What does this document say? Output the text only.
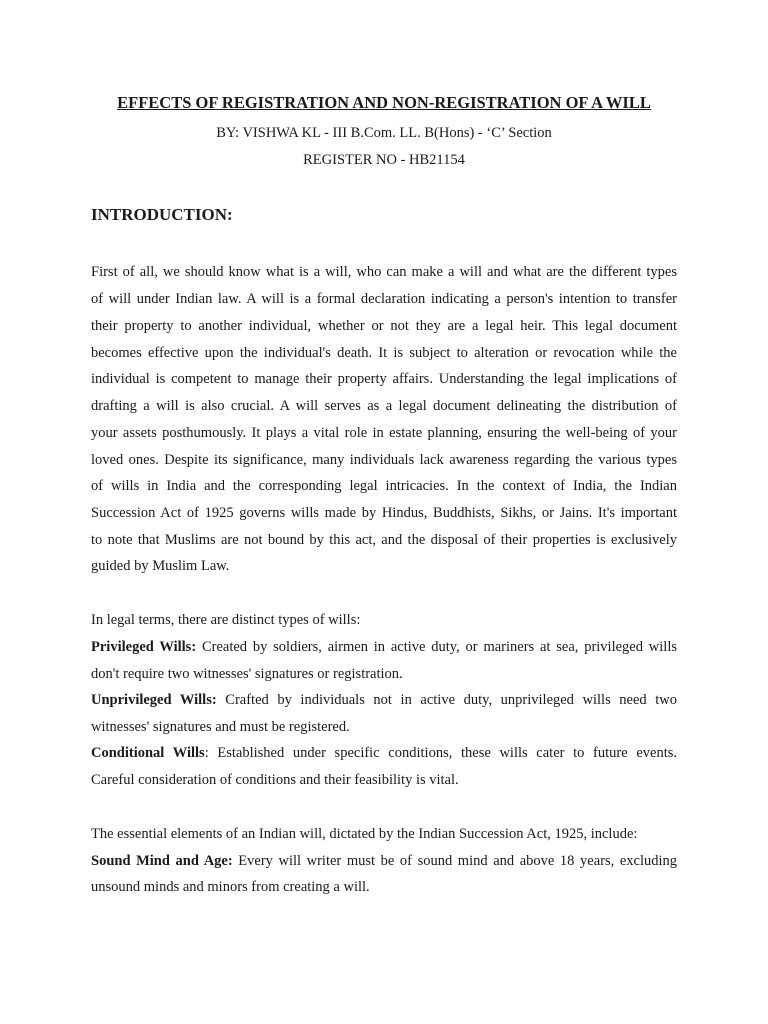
EFFECTS OF REGISTRATION AND NON-REGISTRATION OF A WILL
BY: VISHWA KL - III B.Com. LL. B(Hons) - ‘C’ Section
REGISTER NO - HB21154
INTRODUCTION:
First of all, we should know what is a will, who can make a will and what are the different types
of will under Indian law. A will is a formal declaration indicating a person's intention to transfer
their property to another individual, whether or not they are a legal heir. This legal document
becomes effective upon the individual's death. It is subject to alteration or revocation while the
individual is competent to manage their property affairs. Understanding the legal implications of
drafting a will is also crucial. A will serves as a legal document delineating the distribution of
your assets posthumously. It plays a vital role in estate planning, ensuring the well-being of your
loved ones. Despite its significance, many individuals lack awareness regarding the various types
of wills in India and the corresponding legal intricacies. In the context of India, the Indian
Succession Act of 1925 governs wills made by Hindus, Buddhists, Sikhs, or Jains. It's important
to note that Muslims are not bound by this act, and the disposal of their properties is exclusively
guided by Muslim Law.
In legal terms, there are distinct types of wills:
Privileged Wills: Created by soldiers, airmen in active duty, or mariners at sea, privileged wills
don't require two witnesses' signatures or registration.
Unprivileged Wills: Crafted by individuals not in active duty, unprivileged wills need two
witnesses' signatures and must be registered.
Conditional Wills: Established under specific conditions, these wills cater to future events.
Careful consideration of conditions and their feasibility is vital.
The essential elements of an Indian will, dictated by the Indian Succession Act, 1925, include:
Sound Mind and Age: Every will writer must be of sound mind and above 18 years, excluding
unsound minds and minors from creating a will.
